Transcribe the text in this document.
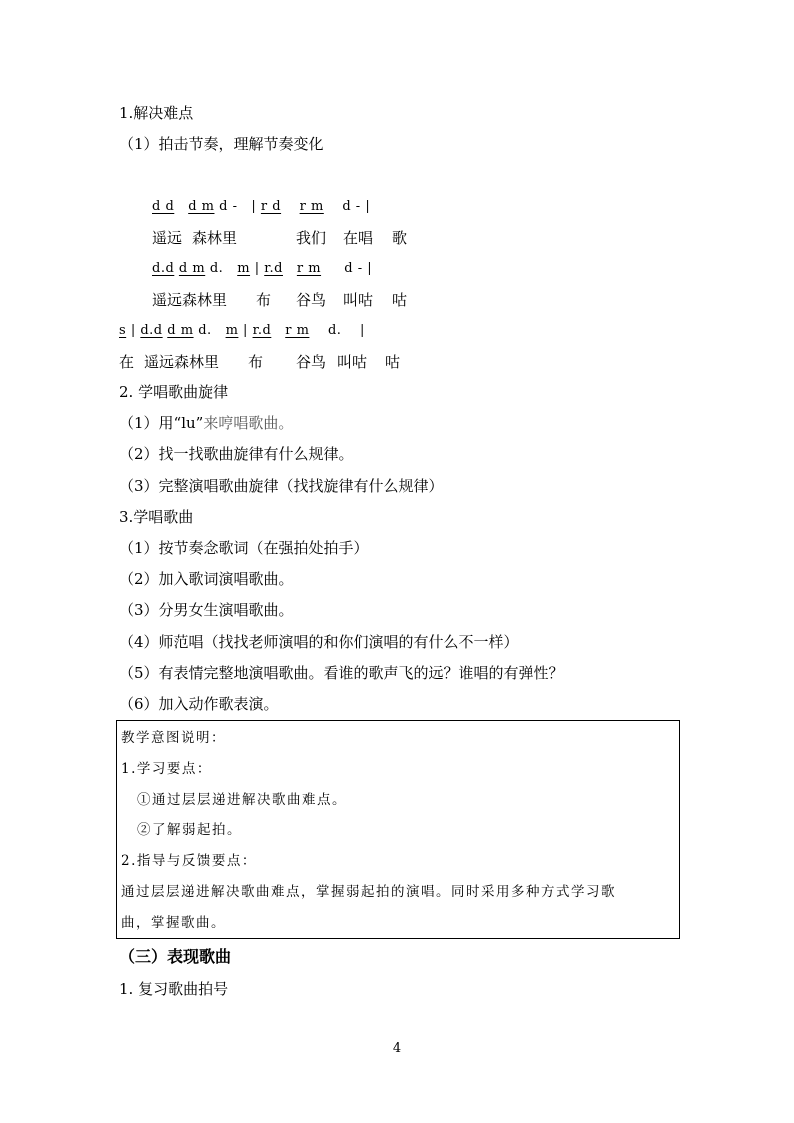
1.解决难点
（1）拍击节奏，理解节奏变化
d d d m d - | r d r m d - |
遥远 森林里	我们 在唱 歌
d.d d m d. m | r.d r m d - |
遥远森林里 布 谷鸟 叫咕 咕
s | d.d d m d. m | r.d r m d. |
在 遥远森林里 布 谷鸟 叫咕 咕
2. 学唱歌曲旋律
（1）用“lu”来哼唱歌曲。
（2）找一找歌曲旋律有什么规律。
（3）完整演唱歌曲旋律（找找旋律有什么规律）
3.学唱歌曲
（1）按节奏念歌词（在强拍处拍手）
（2）加入歌词演唱歌曲。
（3）分男女生演唱歌曲。
（4）师范唱（找找老师演唱的和你们演唱的有什么不一样）
（5）有表情完整地演唱歌曲。看谁的歌声飞的远？谁唱的有弹性？
（6）加入动作歌表演。
教学意图说明：
1.学习要点：
①通过层层递进解决歌曲难点。
②了解弱起拍。
2.指导与反馈要点：
通过层层递进解决歌曲难点，掌握弱起拍的演唱。同时采用多种方式学习歌
曲，掌握歌曲。
（三）表现歌曲
1. 复习歌曲拍号
4
